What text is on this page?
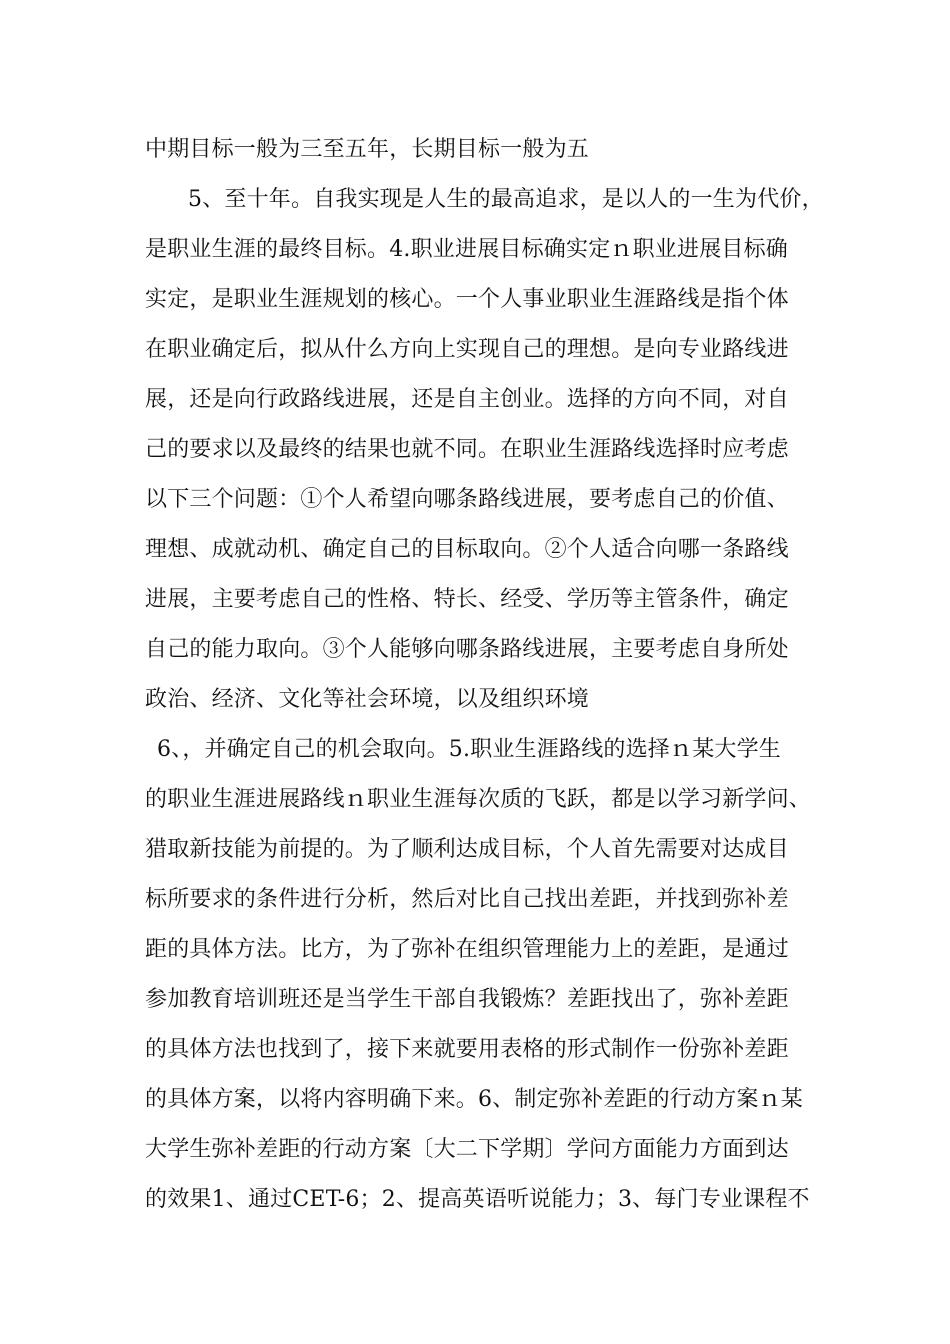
中期目标一般为三至五年，长期目标一般为五
5、至十年。自我实现是人生的最高追求，是以人的一生为代价，
是职业生涯的最终目标。4.职业进展目标确实定ｎ职业进展目标确
实定，是职业生涯规划的核心。一个人事业职业生涯路线是指个体
在职业确定后，拟从什么方向上实现自己的理想。是向专业路线进
展，还是向行政路线进展，还是自主创业。选择的方向不同，对自
己的要求以及最终的结果也就不同。在职业生涯路线选择时应考虑
以下三个问题：①个人希望向哪条路线进展，要考虑自己的价值、
理想、成就动机、确定自己的目标取向。②个人适合向哪一条路线
进展，主要考虑自己的性格、特长、经受、学历等主管条件，确定
自己的能力取向。③个人能够向哪条路线进展，主要考虑自身所处
政治、经济、文化等社会环境，以及组织环境
6、，并确定自己的机会取向。5.职业生涯路线的选择ｎ某大学生
的职业生涯进展路线ｎ职业生涯每次质的飞跃，都是以学习新学问、
猎取新技能为前提的。为了顺利达成目标，个人首先需要对达成目
标所要求的条件进行分析，然后对比自己找出差距，并找到弥补差
距的具体方法。比方，为了弥补在组织管理能力上的差距，是通过
参加教育培训班还是当学生干部自我锻炼？差距找出了，弥补差距
的具体方法也找到了，接下来就要用表格的形式制作一份弥补差距
的具体方案，以将内容明确下来。6、制定弥补差距的行动方案ｎ某
大学生弥补差距的行动方案〔大二下学期〕学问方面能力方面到达
的效果1、通过CET-6；2、提高英语听说能力；3、每门专业课程不
